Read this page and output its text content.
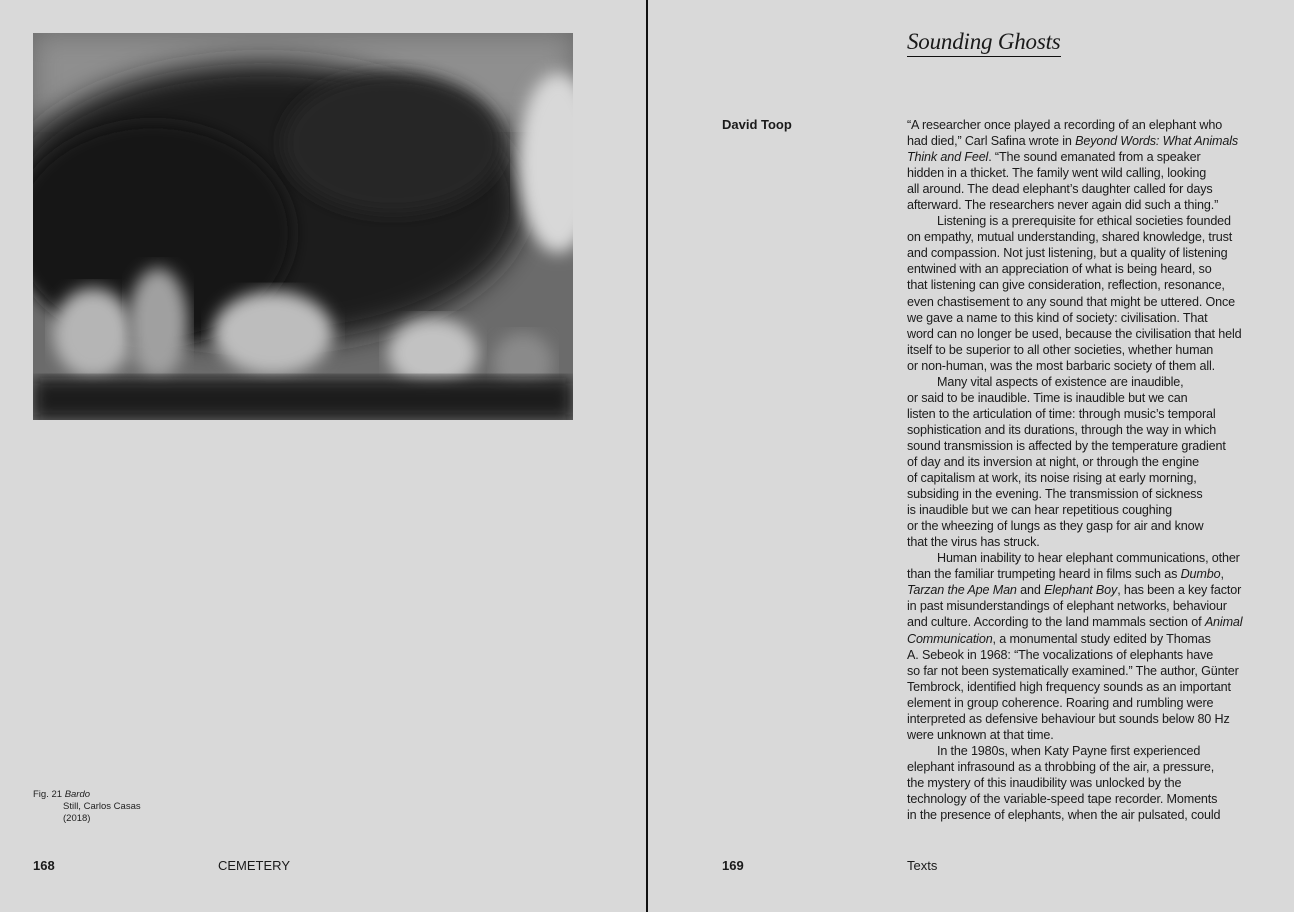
Fig. 21 Bardo
Still, Carlos Casas
(2018)
168	CEMETERY
Sounding Ghosts
David Toop	“A researcher once played a recording of an elephant who
had died,” Carl Safina wrote in Beyond Words: What Animals
Think and Feel. “The sound emanated from a speaker
hidden in a thicket. The family went wild calling, looking
all around. The dead elephant’s daughter called for days
afterward. The researchers never again did such a thing.”
Listening is a prerequisite for ethical societies founded
on empathy, mutual understanding, shared knowledge, trust
and compassion. Not just listening, but a quality of listening
entwined with an appreciation of what is being heard, so
that listening can give consideration, reflection, resonance,
even chastisement to any sound that might be uttered. Once
we gave a name to this kind of society: civilisation. That
word can no longer be used, because the civilisation that held
itself to be superior to all other societies, whether human
or non-human, was the most barbaric society of them all.
Many vital aspects of existence are inaudible,
or said to be inaudible. Time is inaudible but we can
listen to the articulation of time: through music’s temporal
sophistication and its durations, through the way in which
sound transmission is affected by the temperature gradient
of day and its inversion at night, or through the engine
of capitalism at work, its noise rising at early morning,
subsiding in the evening. The transmission of sickness
is inaudible but we can hear repetitious coughing
or the wheezing of lungs as they gasp for air and know
that the virus has struck.
Human inability to hear elephant communications, other
than the familiar trumpeting heard in films such as Dumbo,
Tarzan the Ape Man and Elephant Boy, has been a key factor
in past misunderstandings of elephant networks, behaviour
and culture. According to the land mammals section of Animal
Communication, a monumental study edited by Thomas
A. Sebeok in 1968: “The vocalizations of elephants have
so far not been systematically examined.” The author, Günter
Tembrock, identified high frequency sounds as an important
element in group coherence. Roaring and rumbling were
interpreted as defensive behaviour but sounds below 80 Hz
were unknown at that time.
In the 1980s, when Katy Payne first experienced
elephant infrasound as a throbbing of the air, a pressure,
the mystery of this inaudibility was unlocked by the
technology of the variable-speed tape recorder. Moments
in the presence of elephants, when the air pulsated, could
169	Texts
